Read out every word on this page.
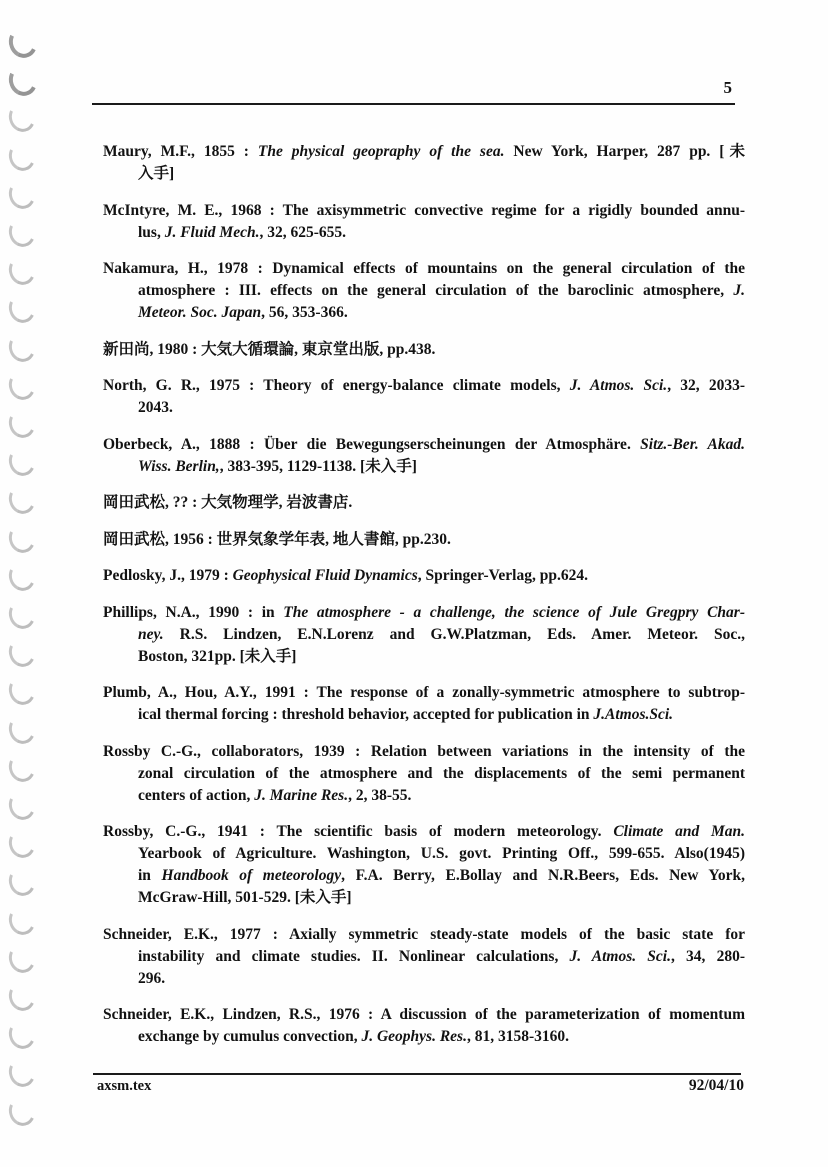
5
Maury, M.F., 1855 : The physical geopraphy of the sea. New York, Harper, 287 pp. [未
入手]
McIntyre, M. E., 1968 : The axisymmetric convective regime for a rigidly bounded annu-
lus, J. Fluid Mech., 32, 625-655.
Nakamura, H., 1978 : Dynamical effects of mountains on the general circulation of the
atmosphere : III. effects on the general circulation of the baroclinic atmosphere, J.
Meteor. Soc. Japan, 56, 353-366.
新田尚, 1980 : 大気大循環論, 東京堂出版, pp.438.
North, G. R., 1975 : Theory of energy-balance climate models, J. Atmos. Sci., 32, 2033-
2043.
Oberbeck, A., 1888 : Über die Bewegungserscheinungen der Atmosphäre. Sitz.-Ber. Akad.
Wiss. Berlin,, 383-395, 1129-1138. [未入手]
岡田武松, ?? : 大気物理学, 岩波書店.
岡田武松, 1956 : 世界気象学年表, 地人書館, pp.230.
Pedlosky, J., 1979 : Geophysical Fluid Dynamics, Springer-Verlag, pp.624.
Phillips, N.A., 1990 : in The atmosphere - a challenge, the science of Jule Gregpry Char-
ney. R.S. Lindzen, E.N.Lorenz and G.W.Platzman, Eds. Amer. Meteor. Soc.,
Boston, 321pp. [未入手]
Plumb, A., Hou, A.Y., 1991 : The response of a zonally-symmetric atmosphere to subtrop-
ical thermal forcing : threshold behavior, accepted for publication in J.Atmos.Sci.
Rossby C.-G., collaborators, 1939 : Relation between variations in the intensity of the
zonal circulation of the atmosphere and the displacements of the semi permanent
centers of action, J. Marine Res., 2, 38-55.
Rossby, C.-G., 1941 : The scientific basis of modern meteorology. Climate and Man.
Yearbook of Agriculture. Washington, U.S. govt. Printing Off., 599-655. Also(1945)
in Handbook of meteorology, F.A. Berry, E.Bollay and N.R.Beers, Eds. New York,
McGraw-Hill, 501-529. [未入手]
Schneider, E.K., 1977 : Axially symmetric steady-state models of the basic state for
instability and climate studies. II. Nonlinear calculations, J. Atmos. Sci., 34, 280-
296.
Schneider, E.K., Lindzen, R.S., 1976 : A discussion of the parameterization of momentum
exchange by cumulus convection, J. Geophys. Res., 81, 3158-3160.
axsm.tex	92/04/10
